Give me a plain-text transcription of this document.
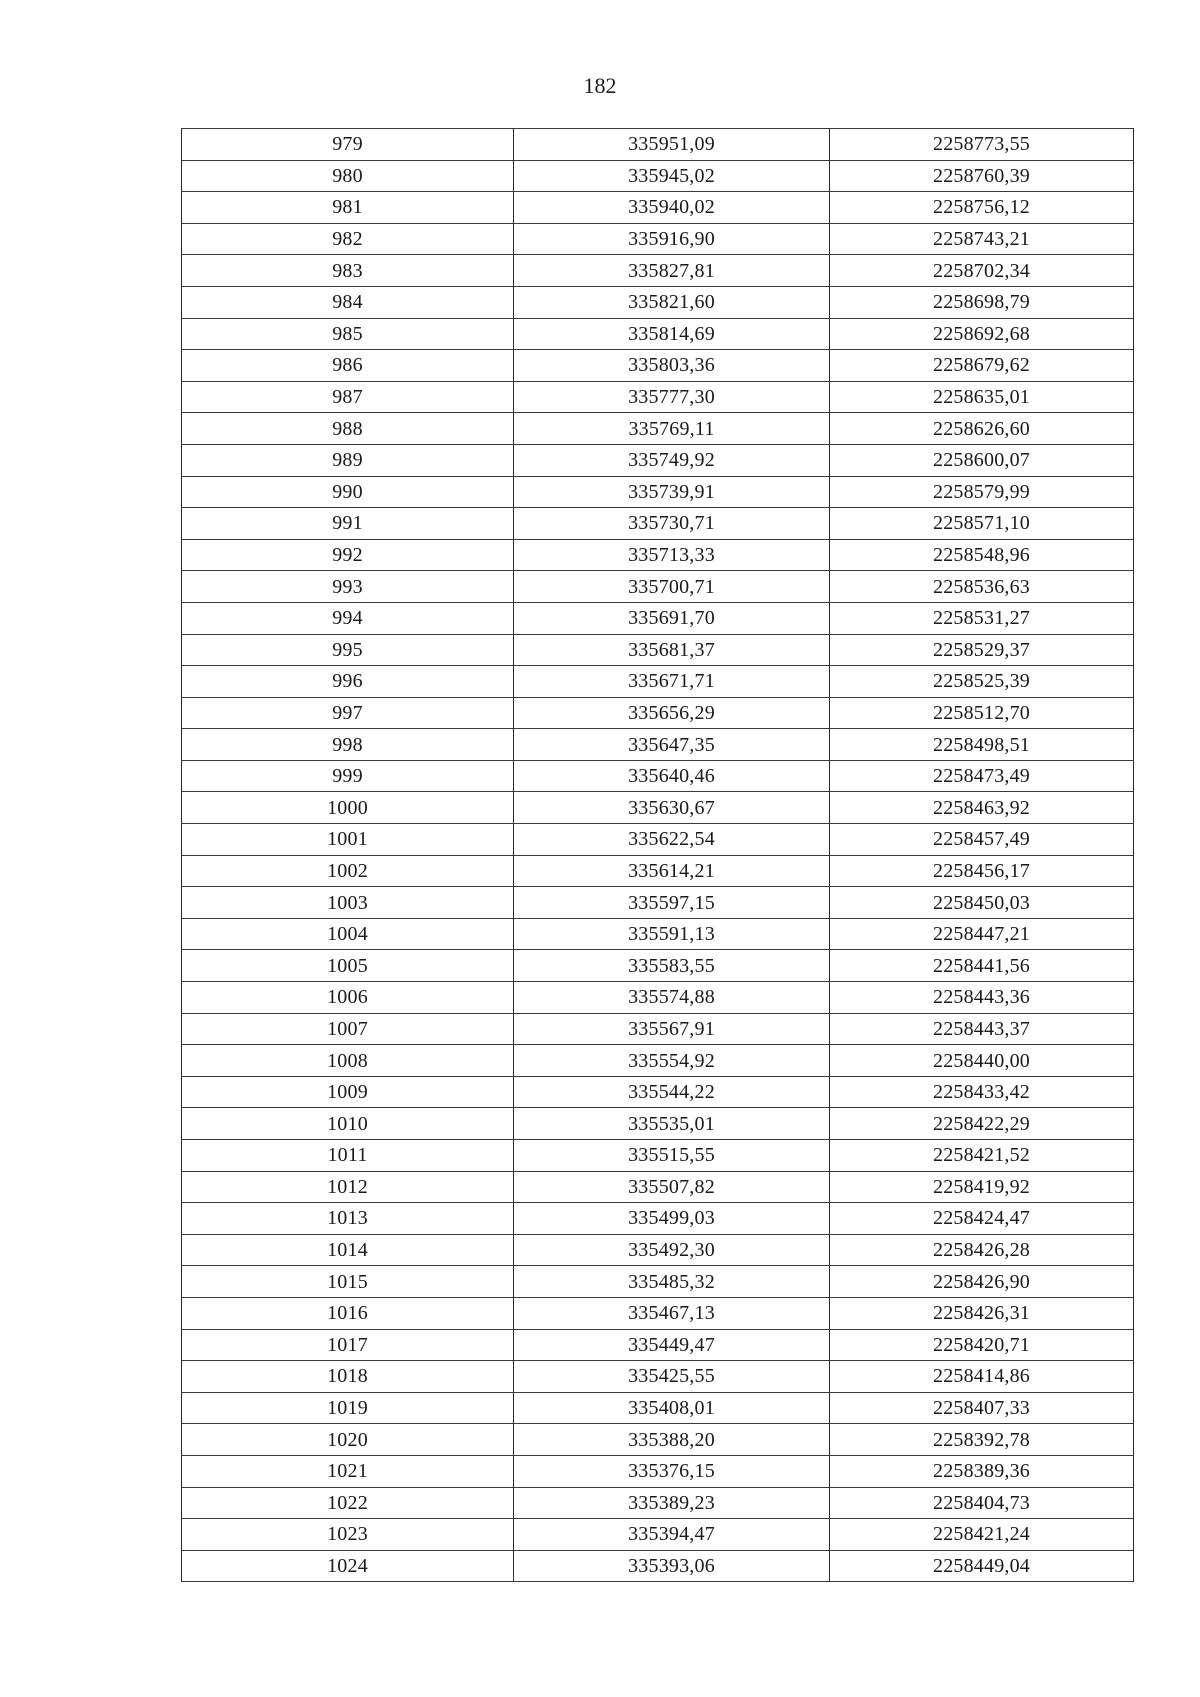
182
979	335951,09	2258773,55
980	335945,02	2258760,39
981	335940,02	2258756,12
982	335916,90	2258743,21
983	335827,81	2258702,34
984	335821,60	2258698,79
985	335814,69	2258692,68
986	335803,36	2258679,62
987	335777,30	2258635,01
988	335769,11	2258626,60
989	335749,92	2258600,07
990	335739,91	2258579,99
991	335730,71	2258571,10
992	335713,33	2258548,96
993	335700,71	2258536,63
994	335691,70	2258531,27
995	335681,37	2258529,37
996	335671,71	2258525,39
997	335656,29	2258512,70
998	335647,35	2258498,51
999	335640,46	2258473,49
1000	335630,67	2258463,92
1001	335622,54	2258457,49
1002	335614,21	2258456,17
1003	335597,15	2258450,03
1004	335591,13	2258447,21
1005	335583,55	2258441,56
1006	335574,88	2258443,36
1007	335567,91	2258443,37
1008	335554,92	2258440,00
1009	335544,22	2258433,42
1010	335535,01	2258422,29
1011	335515,55	2258421,52
1012	335507,82	2258419,92
1013	335499,03	2258424,47
1014	335492,30	2258426,28
1015	335485,32	2258426,90
1016	335467,13	2258426,31
1017	335449,47	2258420,71
1018	335425,55	2258414,86
1019	335408,01	2258407,33
1020	335388,20	2258392,78
1021	335376,15	2258389,36
1022	335389,23	2258404,73
1023	335394,47	2258421,24
1024	335393,06	2258449,04
